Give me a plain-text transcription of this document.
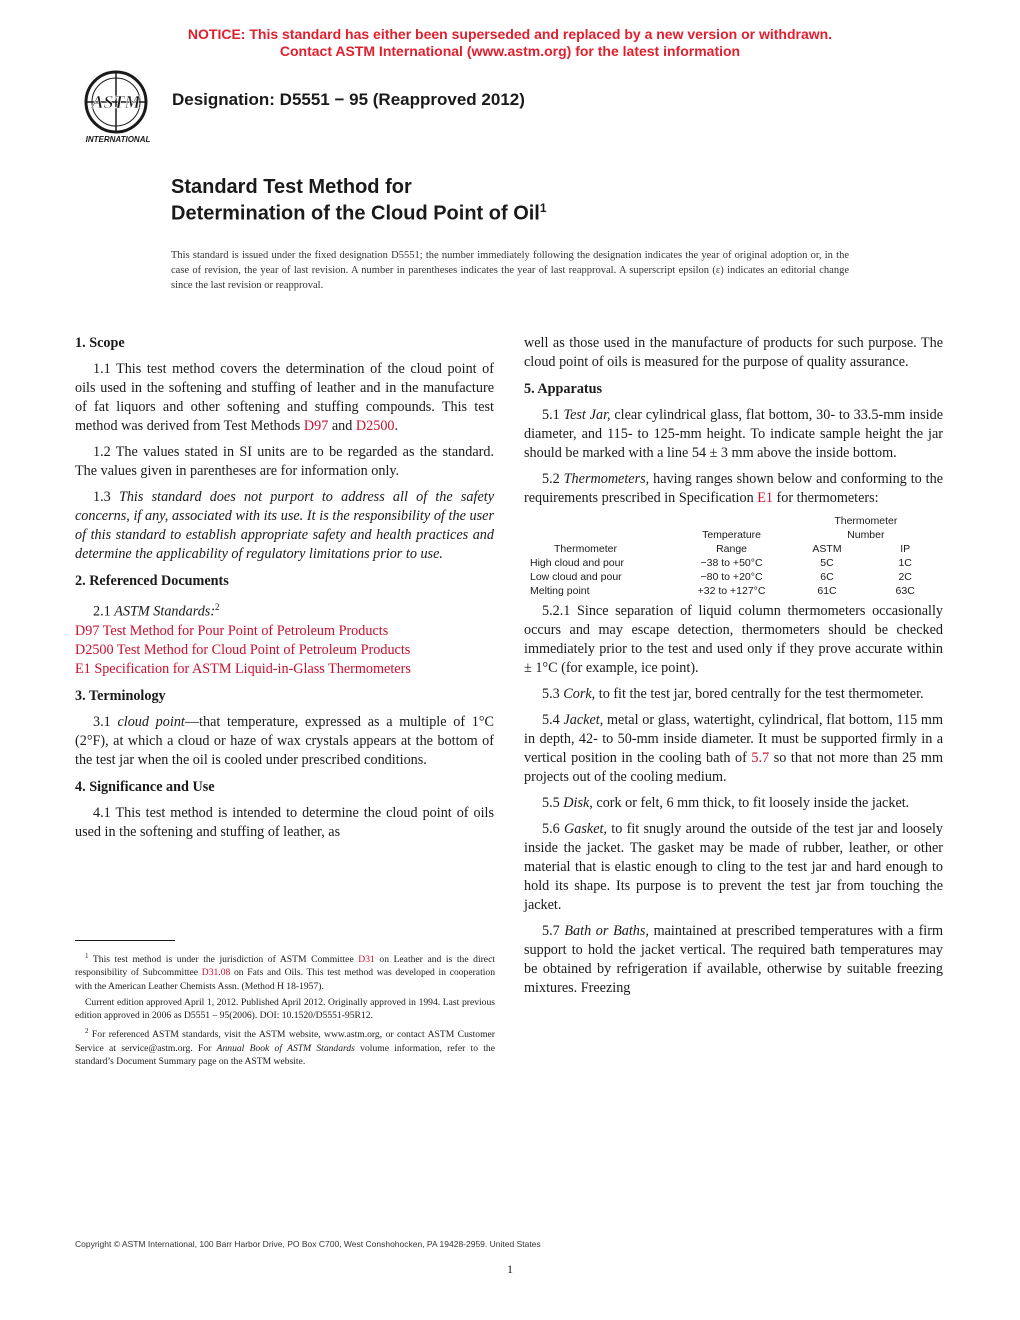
NOTICE: This standard has either been superseded and replaced by a new version or withdrawn.
Contact ASTM International (www.astm.org) for the latest information
ASTM
INTERNATIONAL
Designation: D5551 − 95 (Reapproved 2012)
Standard Test Method for
Determination of the Cloud Point of Oil$^1$
This standard is issued under the fixed designation D5551; the number immediately following the designation indicates the year of original adoption or, in the case of revision, the year of last revision. A number in parentheses indicates the year of last reapproval. A superscript epsilon (ε) indicates an editorial change since the last revision or reapproval.
1. Scope

1.1 This test method covers the determination of the cloud point of oils used in the softening and stuffing of leather and in the manufacture of fat liquors and other softening and stuffing compounds. This test method was derived from Test Methods D97 and D2500.

1.2 The values stated in SI units are to be regarded as the standard. The values given in parentheses are for information only.

1.3 This standard does not purport to address all of the safety concerns, if any, associated with its use. It is the responsibility of the user of this standard to establish appropriate safety and health practices and determine the applicability of regulatory limitations prior to use.

2. Referenced Documents

2.1 ASTM Standards:$^2$

D97 Test Method for Pour Point of Petroleum Products

D2500 Test Method for Cloud Point of Petroleum Products

E1 Specification for ASTM Liquid-in-Glass Thermometers

3. Terminology

3.1 cloud point—that temperature, expressed as a multiple of 1°C (2°F), at which a cloud or haze of wax crystals appears at the bottom of the test jar when the oil is cooled under prescribed conditions.

4. Significance and Use

4.1 This test method is intended to determine the cloud point of oils used in the softening and stuffing of leather, as

$^1$ This test method is under the jurisdiction of ASTM Committee D31 on Leather and is the direct responsibility of Subcommittee D31.08 on Fats and Oils. This test method was developed in cooperation with the American Leather Chemists Assn. (Method H 18-1957).

Current edition approved April 1, 2012. Published April 2012. Originally approved in 1994. Last previous edition approved in 2006 as D5551 – 95(2006). DOI: 10.1520/D5551-95R12.

$^2$ For referenced ASTM standards, visit the ASTM website, www.astm.org, or contact ASTM Customer Service at service@astm.org. For Annual Book of ASTM Standards volume information, refer to the standard’s Document Summary page on the ASTM website.

well as those used in the manufacture of products for such purpose. The cloud point of oils is measured for the purpose of quality assurance.

5. Apparatus

5.1 Test Jar, clear cylindrical glass, flat bottom, 30- to 33.5-mm inside diameter, and 115- to 125-mm height. To indicate sample height the jar should be marked with a line 54 ± 3 mm above the inside bottom.

5.2 Thermometers, having ranges shown below and conforming to the requirements prescribed in Specification E1 for thermometers:

		Thermometer	
	Temperature	Number	
Thermometer	Range	ASTM	IP
High cloud and pour	−38 to +50°C	5C	1C
Low cloud and pour	−80 to +20°C	6C	2C
Melting point	+32 to +127°C	61C	63C

5.2.1 Since separation of liquid column thermometers occasionally occurs and may escape detection, thermometers should be checked immediately prior to the test and used only if they prove accurate within ± 1°C (for example, ice point).

5.3 Cork, to fit the test jar, bored centrally for the test thermometer.

5.4 Jacket, metal or glass, watertight, cylindrical, flat bottom, 115 mm in depth, 42- to 50-mm inside diameter. It must be supported firmly in a vertical position in the cooling bath of 5.7 so that not more than 25 mm projects out of the cooling medium.

5.5 Disk, cork or felt, 6 mm thick, to fit loosely inside the jacket.

5.6 Gasket, to fit snugly around the outside of the test jar and loosely inside the jacket. The gasket may be made of rubber, leather, or other material that is elastic enough to cling to the test jar and hard enough to hold its shape. Its purpose is to prevent the test jar from touching the jacket.

5.7 Bath or Baths, maintained at prescribed temperatures with a firm support to hold the jacket vertical. The required bath temperatures may be obtained by refrigeration if available, otherwise by suitable freezing mixtures. Freezing

Copyright © ASTM International, 100 Barr Harbor Drive, PO Box C700, West Conshohocken, PA 19428-2959. United States
1
